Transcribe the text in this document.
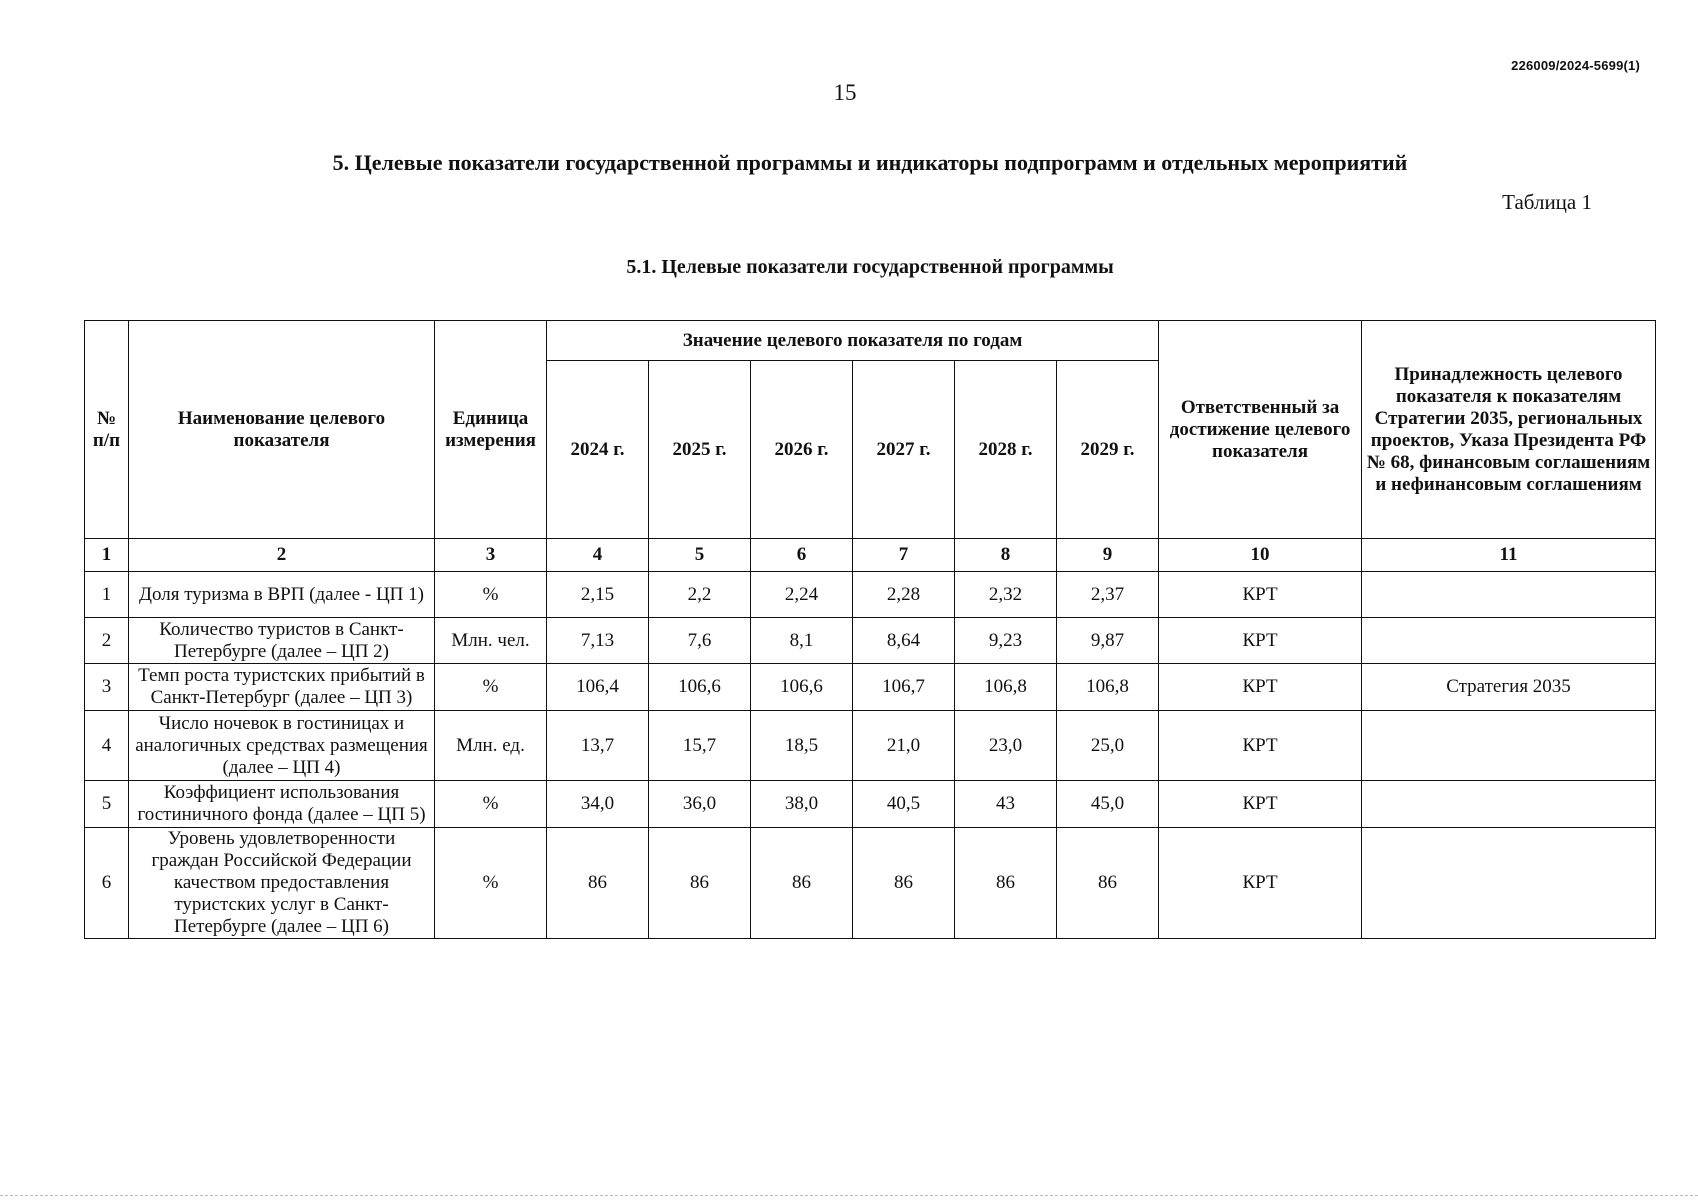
226009/2024-5699(1)
15
5. Целевые показатели государственной программы и индикаторы подпрограмм и отдельных мероприятий
Таблица 1
5.1. Целевые показатели государственной программы
№ п/п	Наименование целевого показателя	Единица измерения	Значение целевого показателя по годам						Ответственный за достижение целевого показателя	Принадлежность целевого показателя к показателям Стратегии 2035, региональных проектов, Указа Президента РФ № 68, финансовым соглашениям и нефинансовым соглашениям
			2024 г.	2025 г.	2026 г.	2027 г.	2028 г.	2029 г.		
1	2	3	4	5	6	7	8	9	10	11
1	Доля туризма в ВРП (далее - ЦП 1)	%	2,15	2,2	2,24	2,28	2,32	2,37	КРТ	
2	Количество туристов в Санкт-Петербурге (далее – ЦП 2)	Млн. чел.	7,13	7,6	8,1	8,64	9,23	9,87	КРТ	
3	Темп роста туристских прибытий в Санкт-Петербург (далее – ЦП 3)	%	106,4	106,6	106,6	106,7	106,8	106,8	КРТ	Стратегия 2035
4	Число ночевок в гостиницах и аналогичных средствах размещения (далее – ЦП 4)	Млн. ед.	13,7	15,7	18,5	21,0	23,0	25,0	КРТ	
5	Коэффициент использования гостиничного фонда (далее – ЦП 5)	%	34,0	36,0	38,0	40,5	43	45,0	КРТ	
6	Уровень удовлетворенности граждан Российской Федерации качеством предоставления туристских услуг в Санкт-Петербурге (далее – ЦП 6)	%	86	86	86	86	86	86	КРТ	
